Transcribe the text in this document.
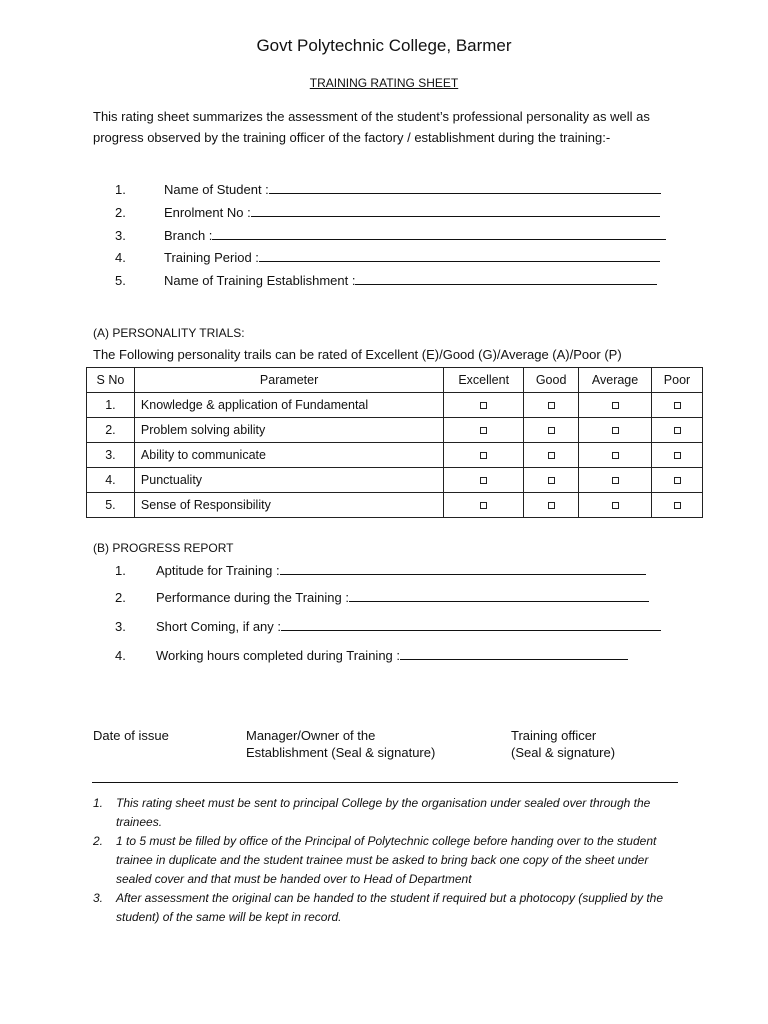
Govt Polytechnic College, Barmer
TRAINING RATING SHEET
This rating sheet summarizes the assessment of the student’s professional personality as well as progress observed by the training officer of the factory / establishment during the training:-
1.	Name of Student :
2.	Enrolment No :
3.	Branch :
4.	Training Period :
5.	Name of Training Establishment :
(A) PERSONALITY TRIALS:
The Following personality trails can be rated of Excellent (E)/Good (G)/Average (A)/Poor (P)
S No	Parameter	Excellent	Good	Average	Poor
1.	Knowledge & application of Fundamental				
2.	Problem solving ability				
3.	Ability to communicate				
4.	Punctuality				
5.	Sense of Responsibility				
(B) PROGRESS REPORT
1. Aptitude for Training :
2. Performance during the Training :
3. Short Coming, if any :
4. Working hours completed during Training :
Date of issue	Manager/Owner of the
Establishment (Seal & signature)
Training officer
(Seal & signature)
1. This rating sheet must be sent to principal College by the organisation under sealed over through the trainees.
2. 1 to 5 must be filled by office of the Principal of Polytechnic college before handing over to the student trainee in duplicate and the student trainee must be asked to bring back one copy of the sheet under sealed cover and that must be handed over to Head of Department
3. After assessment the original can be handed to the student if required but a photocopy (supplied by the student) of the same will be kept in record.
